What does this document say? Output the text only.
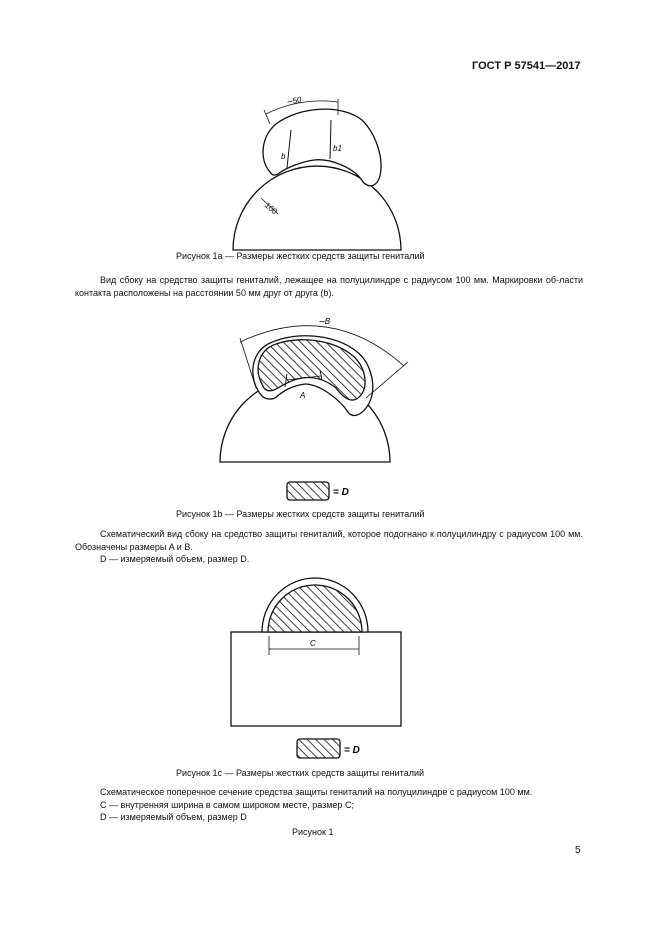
ГОСТ Р 57541—2017
∼50
b
b1
100
∼B
A
= D
C
= D
Рисунок 1а — Размеры жестких средств защиты гениталий

Вид сбоку на средство защиты гениталий, лежащее на полуцилиндре с радиусом 100 мм. Маркировки об-ласти контакта расположены на расстоянии 50 мм друг от друга (b).

Рисунок 1b — Размеры жестких средств защиты гениталий

Схематический вид сбоку на средство защиты гениталий, которое подогнано к полуцилиндру с радиусом 100 мм. Обозначены размеры A и B.

D — измеряемый объем, размер D.

Рисунок 1с — Размеры жестких средств защиты гениталий

Схематическое поперечное сечение средства защиты гениталий на полуцилиндре с радиусом 100 мм.

C — внутренняя ширина в самом широком месте, размер C;

D — измеряемый объем, размер D

Рисунок 1
5
